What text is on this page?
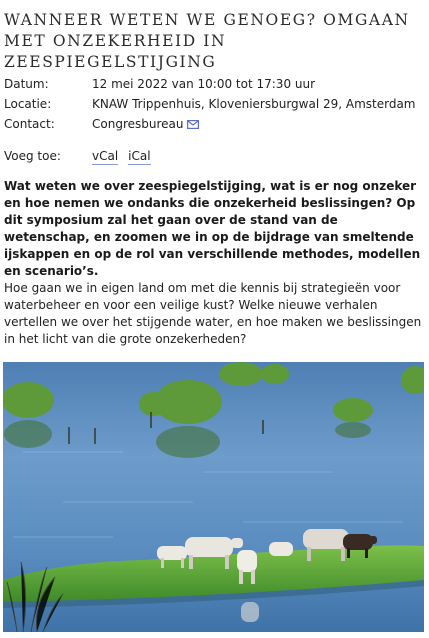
WANNEER WETEN WE GENOEG? OMGAAN MET ONZEKERHEID IN ZEESPIEGELSTIJGING
Datum:	12 mei 2022 van 10:00 tot 17:30 uur
Locatie:	KNAW Trippenhuis, Kloveniersburgwal 29, Amsterdam
Contact:	Congresbureau
Voeg toe:	vCal iCal

Wat weten we over zeespiegelstijging, wat is er nog onzeker en hoe nemen we ondanks die onzekerheid beslissingen? Op dit symposium zal het gaan over de stand van de wetenschap, en zoomen we in op de bijdrage van smeltende ijskappen en op de rol van verschillende methodes, modellen en scenario’s.

Hoe gaan we in eigen land om met die kennis bij strategieën voor waterbeheer en voor een veilige kust? Welke nieuwe verhalen vertellen we over het stijgende water, en hoe maken we beslissingen in het licht van die grote onzekerheden?
